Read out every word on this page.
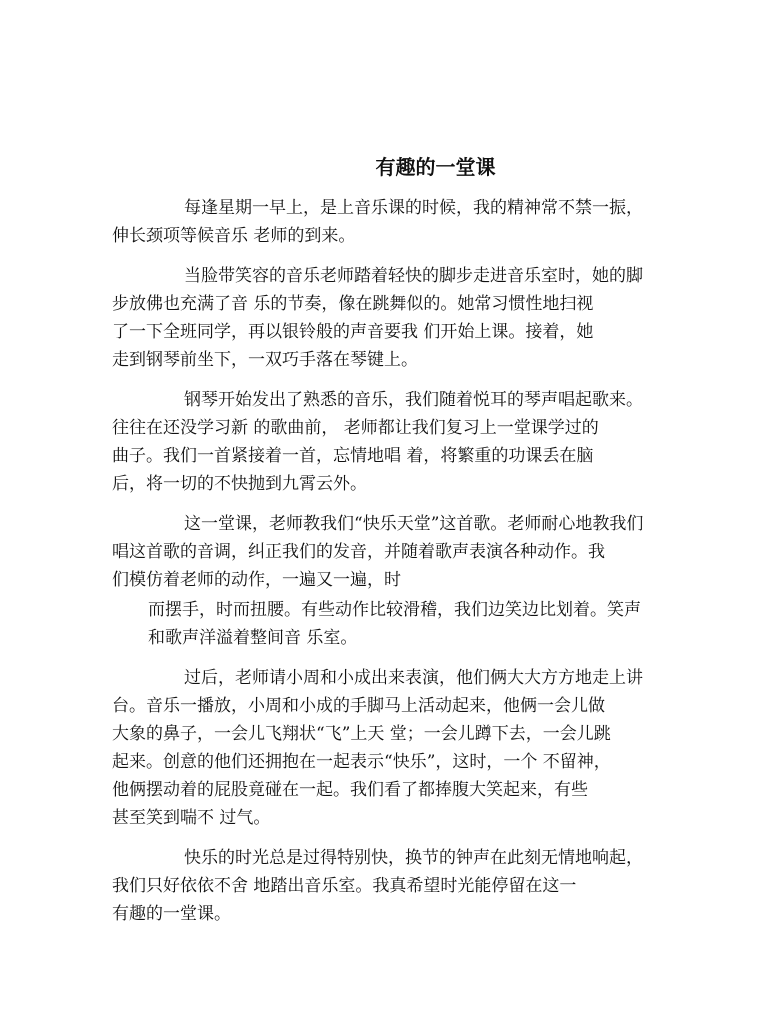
有趣的一堂课
每逢星期一早上，是上音乐课的时候，我的精神常不禁一振，
伸长颈项等候音乐 老师的到来。
当脸带笑容的音乐老师踏着轻快的脚步走进音乐室时，她的脚
步放佛也充满了音 乐的节奏，像在跳舞似的。她常习惯性地扫视
了一下全班同学，再以银铃般的声音要我 们开始上课。接着，她
走到钢琴前坐下，一双巧手落在琴键上。
钢琴开始发出了熟悉的音乐，我们随着悦耳的琴声唱起歌来。
往往在还没学习新 的歌曲前， 老师都让我们复习上一堂课学过的
曲子。我们一首紧接着一首，忘情地唱 着，将繁重的功课丢在脑
后，将一切的不快抛到九霄云外。
这一堂课，老师教我们“快乐天堂”这首歌。老师耐心地教我们
唱这首歌的音调，纠正我们的发音，并随着歌声表演各种动作。我
们模仿着老师的动作，一遍又一遍，时
而摆手，时而扭腰。有些动作比较滑稽，我们边笑边比划着。笑声
和歌声洋溢着整间音 乐室。
过后，老师请小周和小成出来表演，他们俩大大方方地走上讲
台。音乐一播放，小周和小成的手脚马上活动起来，他俩一会儿做
大象的鼻子，一会儿飞翔状“飞”上天 堂；一会儿蹲下去，一会儿跳
起来。创意的他们还拥抱在一起表示“快乐”，这时，一个 不留神，
他俩摆动着的屁股竟碰在一起。我们看了都捧腹大笑起来，有些
甚至笑到喘不 过气。
快乐的时光总是过得特别快，换节的钟声在此刻无情地响起，
我们只好依依不舍 地踏出音乐室。我真希望时光能停留在这一
有趣的一堂课。
